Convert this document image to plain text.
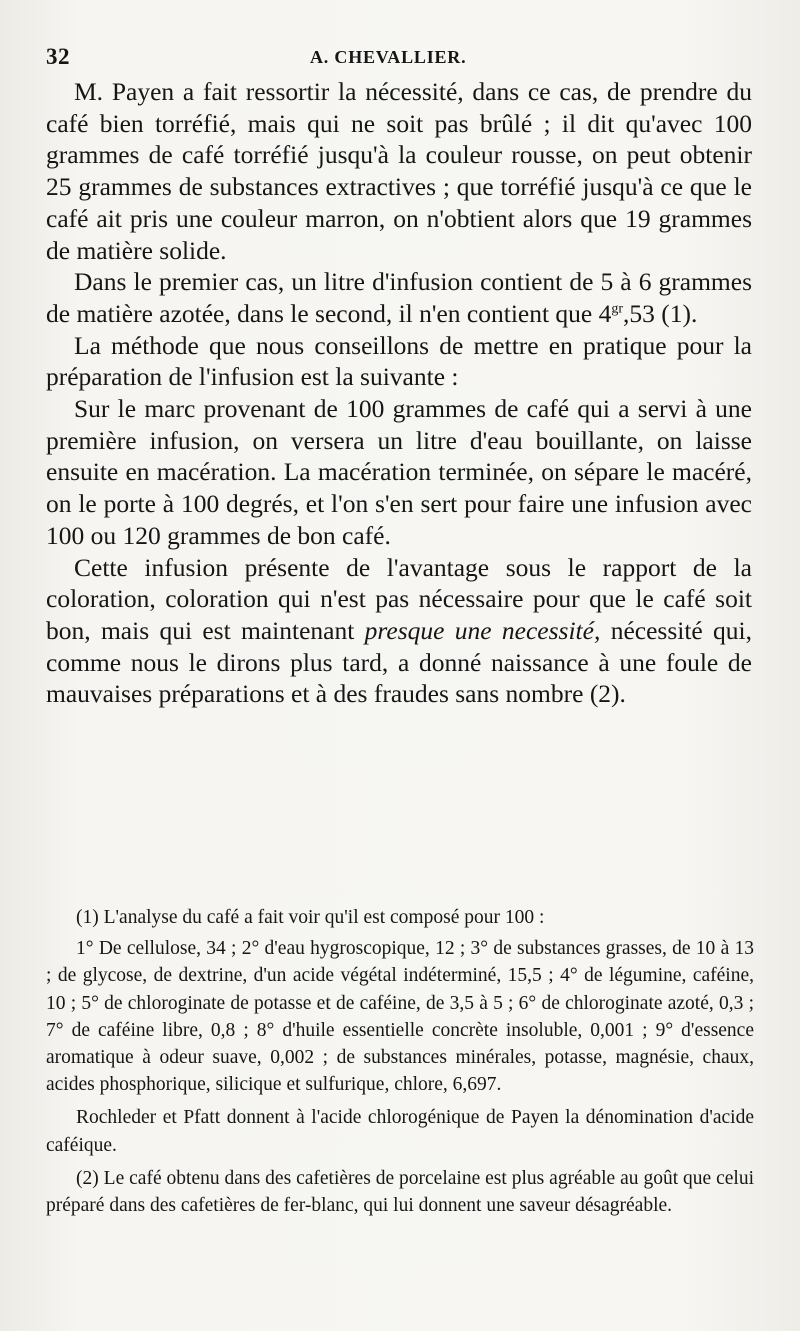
32	A. CHEVALLIER.

M. Payen a fait ressortir la nécessité, dans ce cas, de prendre du café bien torréfié, mais qui ne soit pas brûlé ; il dit qu'avec 100 grammes de café torréfié jusqu'à la couleur rousse, on peut obtenir 25 grammes de substances extractives ; que torréfié jusqu'à ce que le café ait pris une couleur marron, on n'obtient alors que 19 grammes de matière solide.

Dans le premier cas, un litre d'infusion contient de 5 à 6 grammes de matière azotée, dans le second, il n'en contient que $4^{gr},53$ (1).

La méthode que nous conseillons de mettre en pratique pour la préparation de l'infusion est la suivante :

Sur le marc provenant de 100 grammes de café qui a servi à une première infusion, on versera un litre d'eau bouillante, on laisse ensuite en macération. La macération terminée, on sépare le macéré, on le porte à 100 degrés, et l'on s'en sert pour faire une infusion avec 100 ou 120 grammes de bon café.

Cette infusion présente de l'avantage sous le rapport de la coloration, coloration qui n'est pas nécessaire pour que le café soit bon, mais qui est maintenant presque une necessité, nécessité qui, comme nous le dirons plus tard, a donné naissance à une foule de mauvaises préparations et à des fraudes sans nombre (2).

(1) L'analyse du café a fait voir qu'il est composé pour 100 :

1° De cellulose, 34 ; 2° d'eau hygroscopique, 12 ; 3° de substances grasses, de 10 à 13 ; de glycose, de dextrine, d'un acide végétal indéterminé, 15,5 ; 4° de légumine, caféine, 10 ; 5° de chloroginate de potasse et de caféine, de 3,5 à 5 ; 6° de chloroginate azoté, 0,3 ; 7° de caféine libre, 0,8 ; 8° d'huile essentielle concrète insoluble, 0,001 ; 9° d'essence aromatique à odeur suave, 0,002 ; de substances minérales, potasse, magnésie, chaux, acides phosphorique, silicique et sulfurique, chlore, 6,697.

Rochleder et Pfatt donnent à l'acide chlorogénique de Payen la dénomination d'acide caféique.

(2) Le café obtenu dans des cafetières de porcelaine est plus agréable au goût que celui préparé dans des cafetières de fer-blanc, qui lui donnent une saveur désagréable.
